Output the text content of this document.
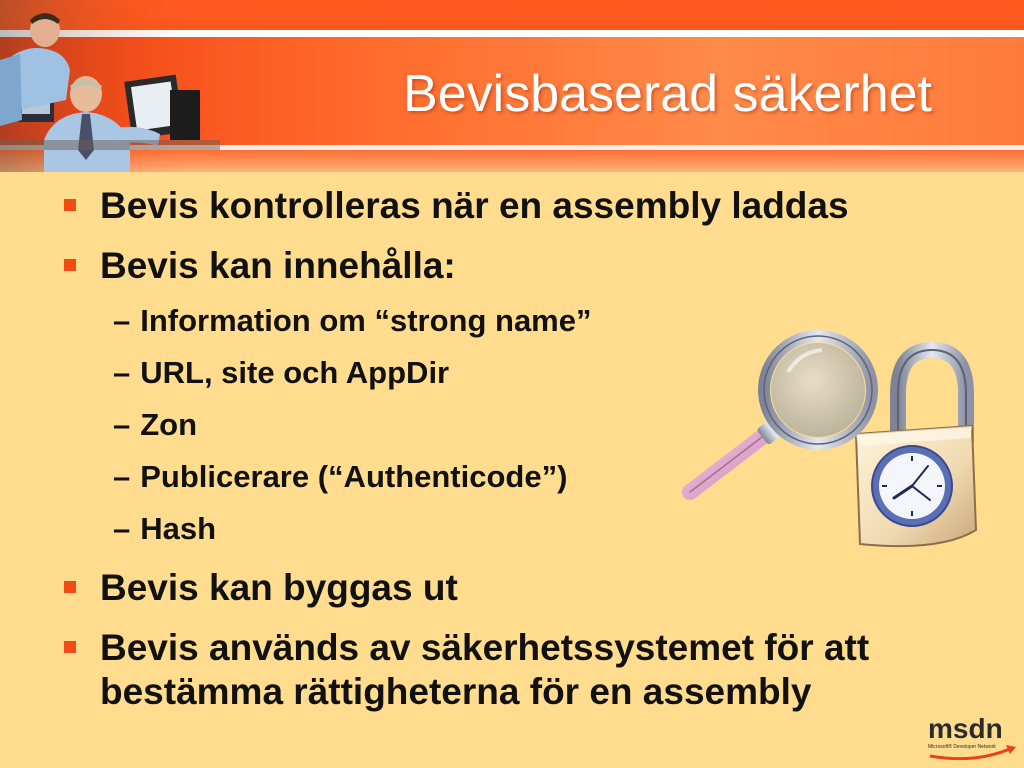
Bevisbaserad säkerhet
Bevis kontrolleras när en assembly laddas
Bevis kan innehålla:
– Information om “strong name”
– URL, site och AppDir
– Zon
– Publicerare (“Authenticode”)
– Hash
Bevis kan byggas ut
Bevis används av säkerhetssystemet för att
bestämma rättigheterna för en assembly
msdn
Microsoft® Developer Network
